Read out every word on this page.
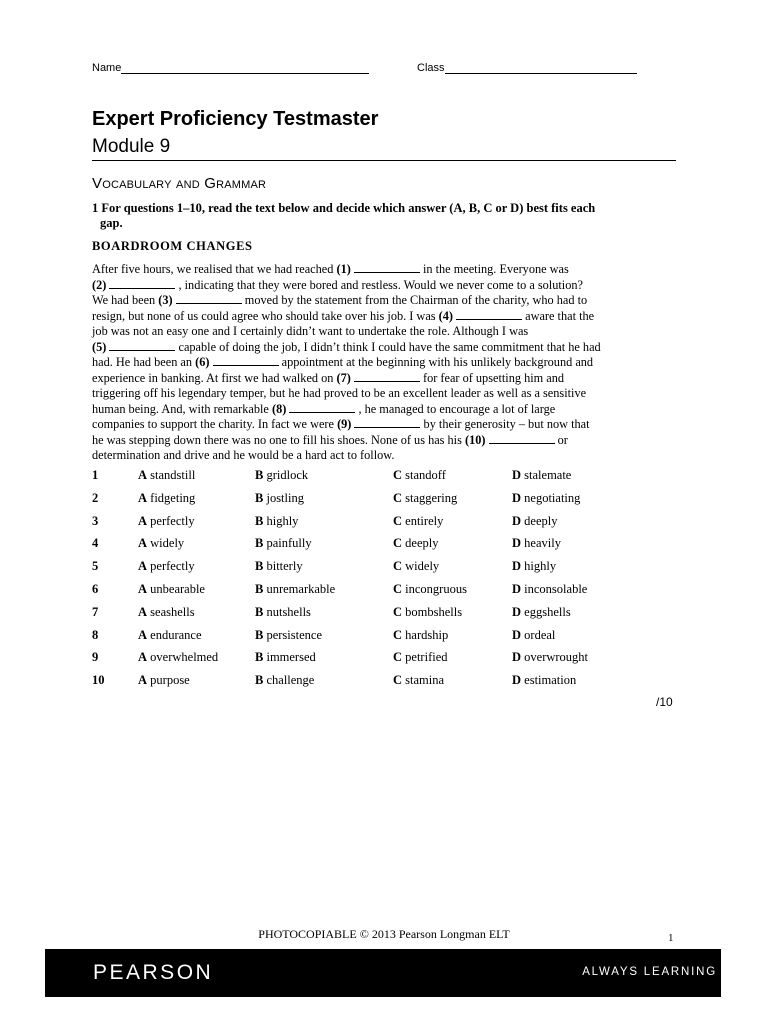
Name	Class
Expert Proficiency Testmaster
Module 9
Vocabulary and Grammar
1 For questions 1–10, read the text below and decide which answer (A, B, C or D) best fits each
gap.
BOARDROOM CHANGES
After five hours, we realised that we had reached (1)	in the meeting. Everyone was
(2)	, indicating that they were bored and restless. Would we never come to a solution?
We had been (3)	moved by the statement from the Chairman of the charity, who had to
resign, but none of us could agree who should take over his job. I was (4)	aware that the
job was not an easy one and I certainly didn’t want to undertake the role. Although I was
(5)	capable of doing the job, I didn’t think I could have the same commitment that he had
had. He had been an (6)	appointment at the beginning with his unlikely background and
experience in banking. At first we had walked on (7)	for fear of upsetting him and
triggering off his legendary temper, but he had proved to be an excellent leader as well as a sensitive
human being. And, with remarkable (8)	, he managed to encourage a lot of large
companies to support the charity. In fact we were (9)	by their generosity – but now that
he was stepping down there was no one to fill his shoes. None of us has his (10)	or
determination and drive and he would be a hard act to follow.
1	A standstill	B gridlock	C standoff	D stalemate
2	A fidgeting	B jostling	C staggering	D negotiating
3	A perfectly	B highly	C entirely	D deeply
4	A widely	B painfully	C deeply	D heavily
5	A perfectly	B bitterly	C widely	D highly
6	A unbearable	B unremarkable	C incongruous	D inconsolable
7	A seashells	B nutshells	C bombshells	D eggshells
8	A endurance	B persistence	C hardship	D ordeal
9	A overwhelmed	B immersed	C petrified	D overwrought
10	A purpose	B challenge	C stamina	D estimation
/10
PHOTOCOPIABLE © 2013 Pearson Longman ELT	1
PEARSON	ALWAYS LEARNING
